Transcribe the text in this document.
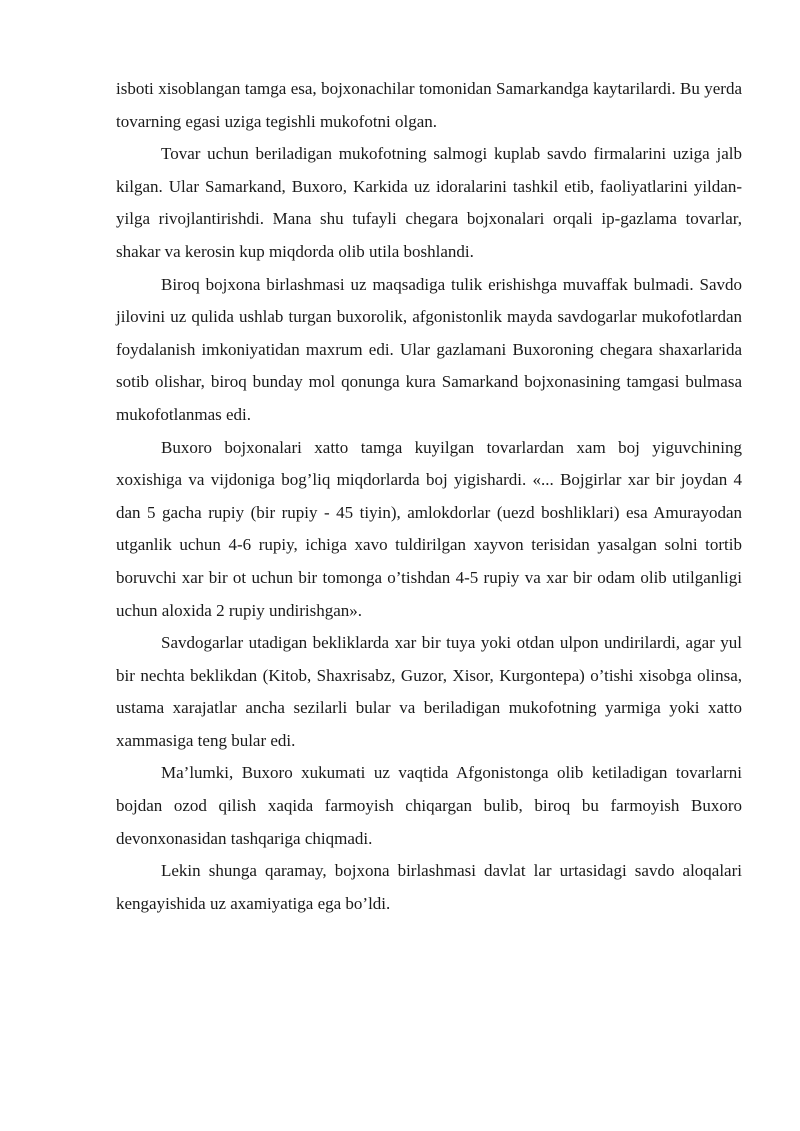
isboti xisoblangan tamga esa, bojxonachilar tomonidan Samarkandga kaytarilardi. Bu yerda tovarning egasi uziga tegishli mukofotni olgan.

Tovar uchun beriladigan mukofotning salmogi kuplab savdo firmalarini uziga jalb kilgan. Ular Samarkand, Buxoro, Karkida uz idoralarini tashkil etib, faoliyatlarini yildan-yilga rivojlantirishdi. Mana shu tufayli chegara bojxonalari orqali ip-gazlama tovarlar, shakar va kerosin kup miqdorda olib utila boshlandi.

Biroq bojxona birlashmasi uz maqsadiga tulik erishishga muvaffak bulmadi. Savdo jilovini uz qulida ushlab turgan buxorolik, afgonistonlik mayda savdogarlar mukofotlardan foydalanish imkoniyatidan maxrum edi. Ular gazlamani Buxoroning chegara shaxarlarida sotib olishar, biroq bunday mol qonunga kura Samarkand bojxonasining tamgasi bulmasa mukofotlanmas edi.

Buxoro bojxonalari xatto tamga kuyilgan tovarlardan xam boj yiguvchining xoxishiga va vijdoniga bog’liq miqdorlarda boj yigishardi. «... Bojgirlar xar bir joydan 4 dan 5 gacha rupiy (bir rupiy - 45 tiyin), amlokdorlar (uezd boshliklari) esa Amurayodan utganlik uchun 4-6 rupiy, ichiga xavo tuldirilgan xayvon terisidan yasalgan solni tortib boruvchi xar bir ot uchun bir tomonga o’tishdan 4-5 rupiy va xar bir odam olib utilganligi uchun aloxida 2 rupiy undirishgan».

Savdogarlar utadigan bekliklarda xar bir tuya yoki otdan ulpon undirilardi, agar yul bir nechta beklikdan (Kitob, Shaxrisabz, Guzor, Xisor, Kurgontepa) o’tishi xisobga olinsa, ustama xarajatlar ancha sezilarli bular va beriladigan mukofotning yarmiga yoki xatto xammasiga teng bular edi.

Ma’lumki, Buxoro xukumati uz vaqtida Afgonistonga olib ketiladigan tovarlarni bojdan ozod qilish xaqida farmoyish chiqargan bulib, biroq bu farmoyish Buxoro devonxonasidan tashqariga chiqmadi.

Lekin shunga qaramay, bojxona birlashmasi davlat lar urtasidagi savdo aloqalari kengayishida uz axamiyatiga ega bo’ldi.
